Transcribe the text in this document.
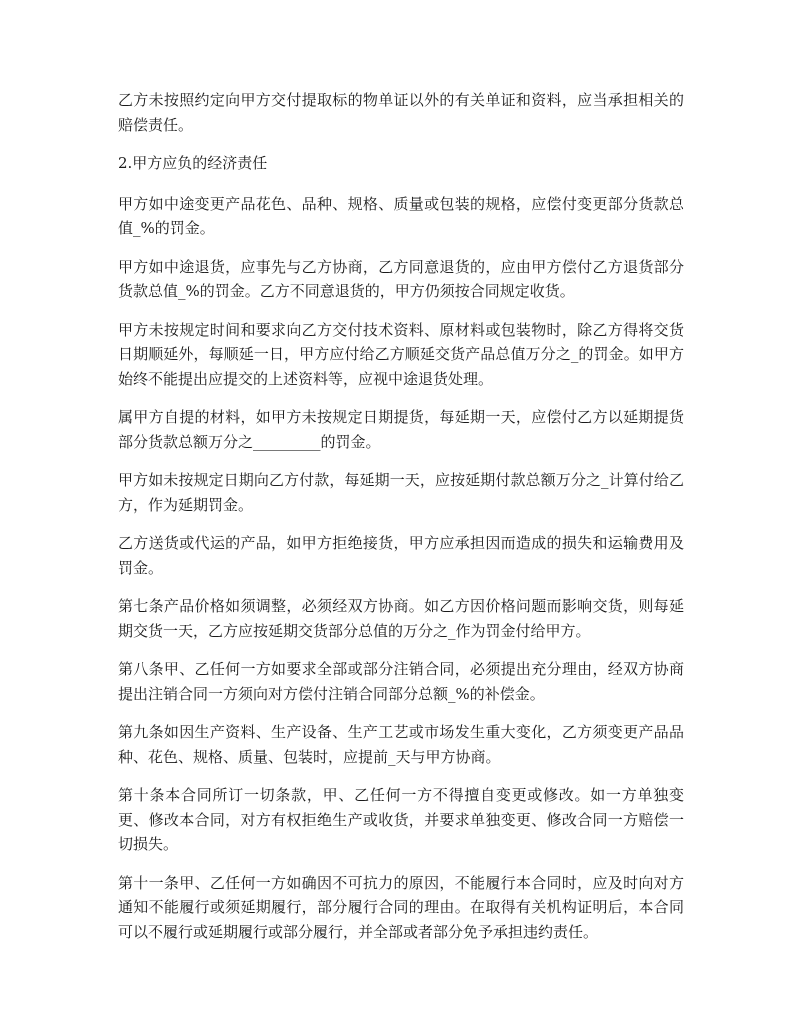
乙方未按照约定向甲方交付提取标的物单证以外的有关单证和资料，应当承担相关的赔偿责任。

2.甲方应负的经济责任

甲方如中途变更产品花色、品种、规格、质量或包装的规格，应偿付变更部分货款总值_%的罚金。

甲方如中途退货，应事先与乙方协商，乙方同意退货的，应由甲方偿付乙方退货部分货款总值_%的罚金。乙方不同意退货的，甲方仍须按合同规定收货。

甲方未按规定时间和要求向乙方交付技术资料、原材料或包装物时，除乙方得将交货日期顺延外，每顺延一日，甲方应付给乙方顺延交货产品总值万分之_的罚金。如甲方始终不能提出应提交的上述资料等，应视中途退货处理。

属甲方自提的材料，如甲方未按规定日期提货，每延期一天，应偿付乙方以延期提货部分货款总额万分之_________的罚金。

甲方如未按规定日期向乙方付款，每延期一天，应按延期付款总额万分之_计算付给乙方，作为延期罚金。

乙方送货或代运的产品，如甲方拒绝接货，甲方应承担因而造成的损失和运输费用及罚金。

第七条产品价格如须调整，必须经双方协商。如乙方因价格问题而影响交货，则每延期交货一天，乙方应按延期交货部分总值的万分之_作为罚金付给甲方。

第八条甲、乙任何一方如要求全部或部分注销合同，必须提出充分理由，经双方协商提出注销合同一方须向对方偿付注销合同部分总额_%的补偿金。

第九条如因生产资料、生产设备、生产工艺或市场发生重大变化，乙方须变更产品品种、花色、规格、质量、包装时，应提前_天与甲方协商。

第十条本合同所订一切条款，甲、乙任何一方不得擅自变更或修改。如一方单独变更、修改本合同，对方有权拒绝生产或收货，并要求单独变更、修改合同一方赔偿一切损失。

第十一条甲、乙任何一方如确因不可抗力的原因，不能履行本合同时，应及时向对方通知不能履行或须延期履行，部分履行合同的理由。在取得有关机构证明后，本合同可以不履行或延期履行或部分履行，并全部或者部分免予承担违约责任。
